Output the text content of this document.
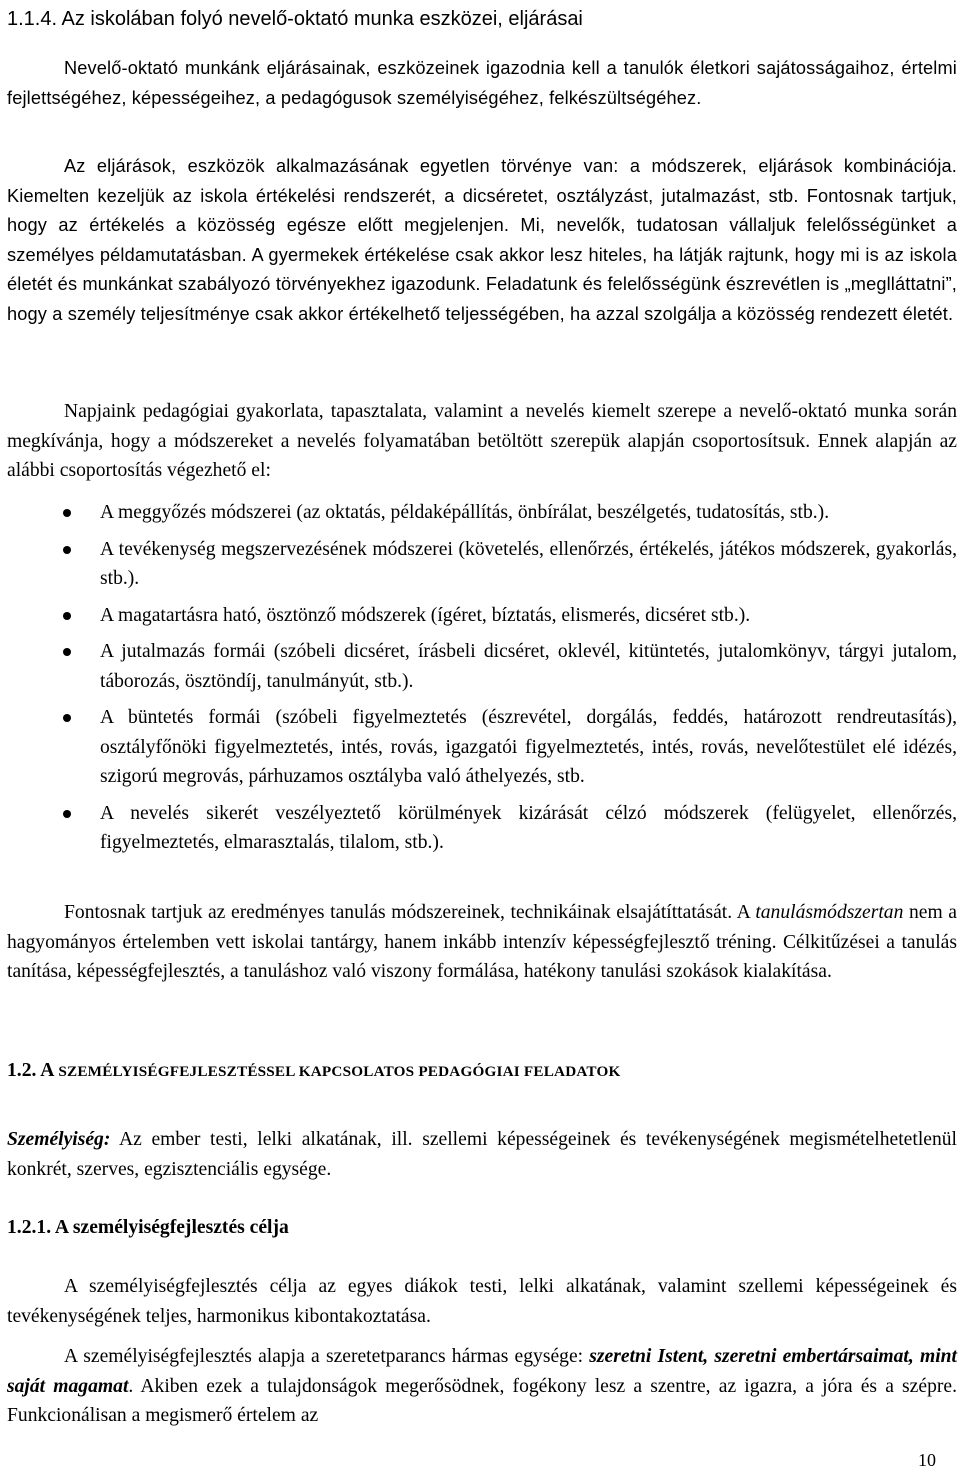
1.1.4. Az iskolában folyó nevelő-oktató munka eszközei, eljárásai

Nevelő-oktató munkánk eljárásainak, eszközeinek igazodnia kell a tanulók életkori sajátosságaihoz, értelmi fejlettségéhez, képességeihez, a pedagógusok személyiségéhez, felkészültségéhez.

Az eljárások, eszközök alkalmazásának egyetlen törvénye van: a módszerek, eljárások kombinációja. Kiemelten kezeljük az iskola értékelési rendszerét, a dicséretet, osztályzást, jutalmazást, stb. Fontosnak tartjuk, hogy az értékelés a közösség egésze előtt megjelenjen. Mi, nevelők, tudatosan vállaljuk felelősségünket a személyes példamutatásban. A gyermekek értékelése csak akkor lesz hiteles, ha látják rajtunk, hogy mi is az iskola életét és munkánkat szabályozó törvényekhez igazodunk. Feladatunk és felelősségünk észrevétlen is „meglláttatni”, hogy a személy teljesítménye csak akkor értékelhető teljességében, ha azzal szolgálja a közösség rendezett életét.

Napjaink pedagógiai gyakorlata, tapasztalata, valamint a nevelés kiemelt szerepe a nevelő-oktató munka során megkívánja, hogy a módszereket a nevelés folyamatában betöltött szerepük alapján csoportosítsuk. Ennek alapján az alábbi csoportosítás végezhető el:

A meggyőzés módszerei (az oktatás, példaképállítás, önbírálat, beszélgetés, tudatosítás, stb.).
A tevékenység megszervezésének módszerei (követelés, ellenőrzés, értékelés, játékos módszerek, gyakorlás, stb.).
A magatartásra ható, ösztönző módszerek (ígéret, bíztatás, elismerés, dicséret stb.).
A jutalmazás formái (szóbeli dicséret, írásbeli dicséret, oklevél, kitüntetés, jutalomkönyv, tárgyi jutalom, táborozás, ösztöndíj, tanulmányút, stb.).
A büntetés formái (szóbeli figyelmeztetés (észrevétel, dorgálás, feddés, határozott rendreutasítás), osztályfőnöki figyelmeztetés, intés, rovás, igazgatói figyelmeztetés, intés, rovás, nevelőtestület elé idézés, szigorú megrovás, párhuzamos osztályba való áthelyezés, stb.
A nevelés sikerét veszélyeztető körülmények kizárását célzó módszerek (felügyelet, ellenőrzés, figyelmeztetés, elmarasztalás, tilalom, stb.).

Fontosnak tartjuk az eredményes tanulás módszereinek, technikáinak elsajátíttatását. A tanulásmódszertan nem a hagyományos értelemben vett iskolai tantárgy, hanem inkább intenzív képességfejlesztő tréning. Célkitűzései a tanulás tanítása, képességfejlesztés, a tanuláshoz való viszony formálása, hatékony tanulási szokások kialakítása.

1.2. A SZEMÉLYISÉGFEJLESZTÉSSEL KAPCSOLATOS PEDAGÓGIAI FELADATOK

Személyiség: Az ember testi, lelki alkatának, ill. szellemi képességeinek és tevékenységének megismételhetetlenül konkrét, szerves, egzisztenciális egysége.

1.2.1. A személyiségfejlesztés célja

A személyiségfejlesztés célja az egyes diákok testi, lelki alkatának, valamint szellemi képességeinek és tevékenységének teljes, harmonikus kibontakoztatása.

A személyiségfejlesztés alapja a szeretetparancs hármas egysége: szeretni Istent, szeretni embertársaimat, mint saját magamat. Akiben ezek a tulajdonságok megerősödnek, fogékony lesz a szentre, az igazra, a jóra és a szépre. Funkcionálisan a megismerő értelem az

10
